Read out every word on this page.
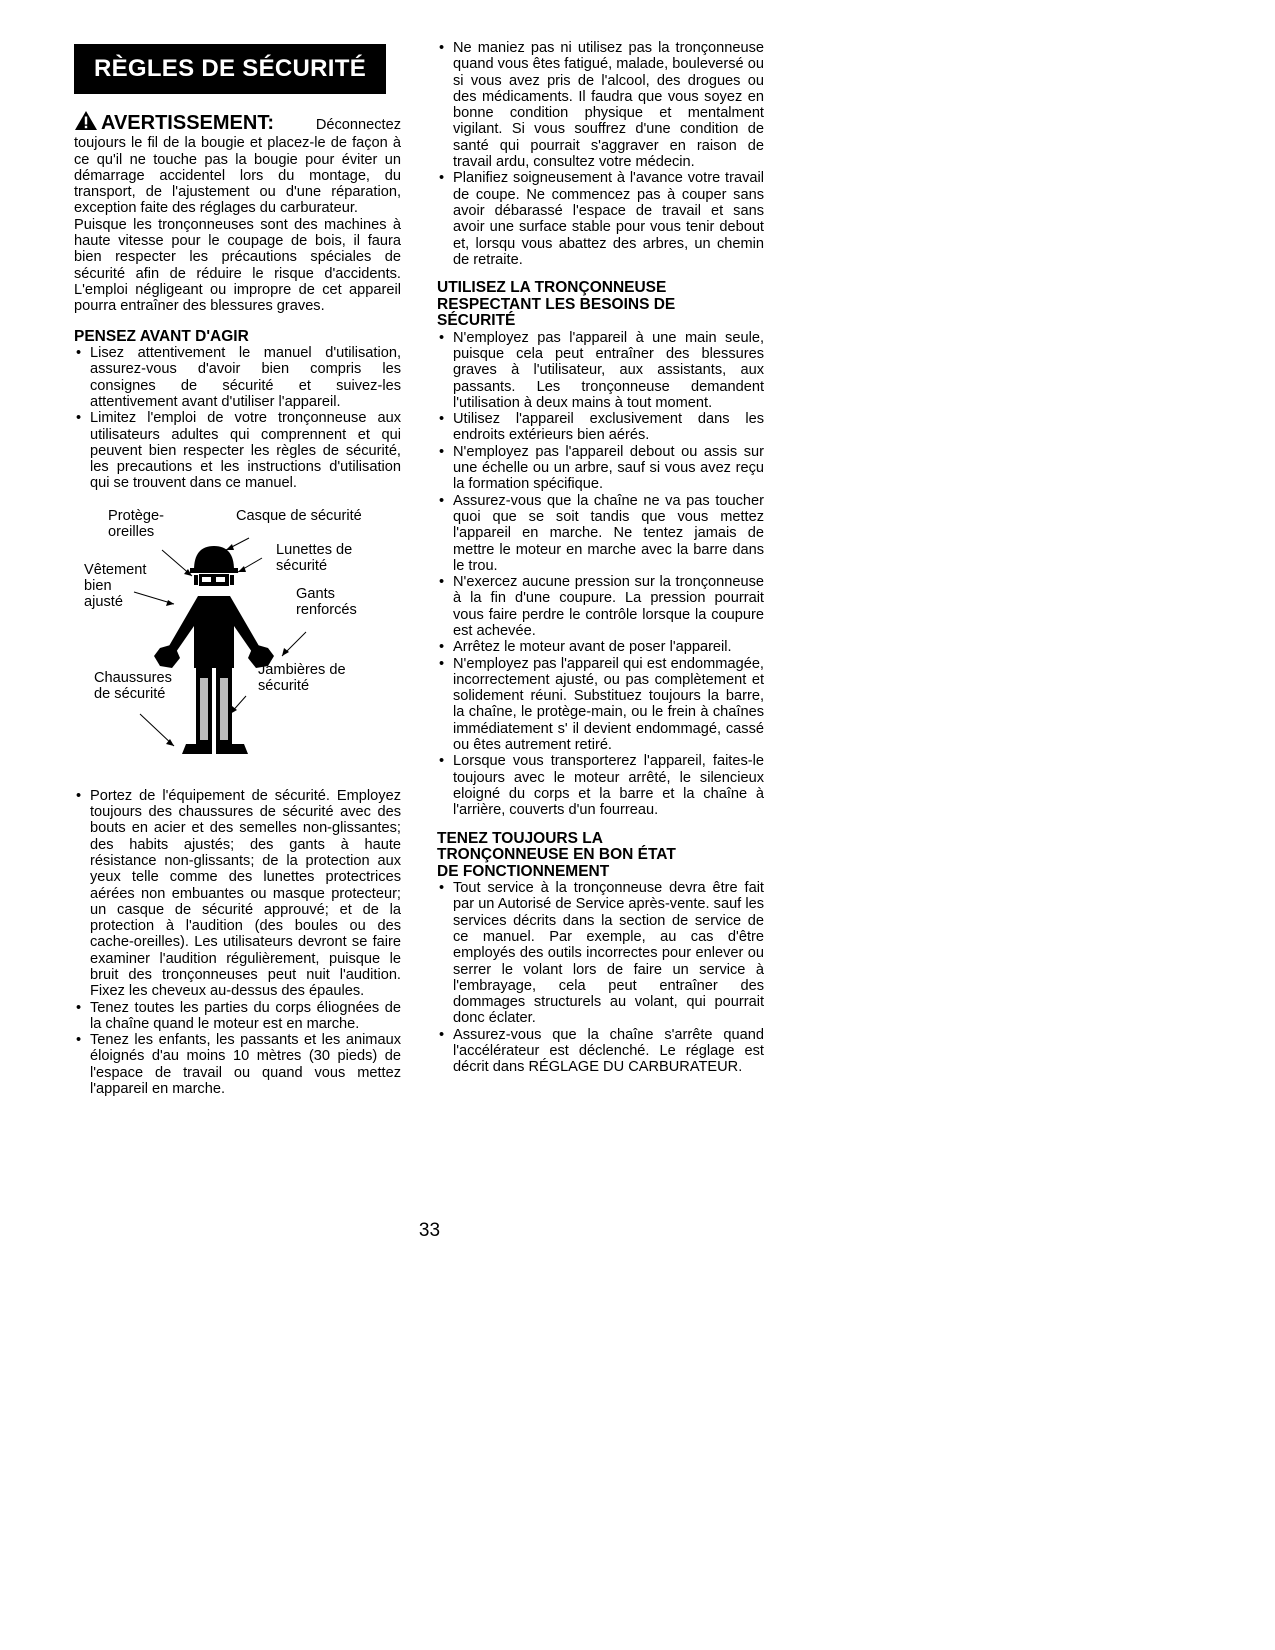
RÈGLES DE SÉCURITÉ
AVERTISSEMENT:	Déconnectez toujours le fil de la bougie et placez-le de façon à ce qu'il ne touche pas la bougie pour éviter un démarrage accidentel lors du montage, du transport, de l'ajustement ou d'une réparation, exception faite des réglages du carburateur.

Puisque les tronçonneuses sont des machines à haute vitesse pour le coupage de bois, il faura bien respecter les précautions spéciales de sécurité afin de réduire le risque d'accidents. L'emploi négligeant ou impropre de cet appareil pourra entraîner des blessures graves.

PENSEZ AVANT D'AGIR
• Lisez attentivement le manuel d'utilisation, assurez-vous d'avoir bien compris les consignes de sécurité et suivez-les attentivement avant d'utiliser l'appareil.
• Limitez l'emploi de votre tronçonneuse aux utilisateurs adultes qui comprennent et qui peuvent bien respecter les règles de sécurité, les precautions et les instructions d'utilisation qui se trouvent dans ce manuel.
Protège-
oreilles
Casque de sécurité
Lunettes de
sécurité
Vêtement
bien
ajusté
Gants
renforcés
Chaussures
de sécurité
Jambières de
sécurité
• Portez de l'équipement de sécurité. Employez toujours des chaussures de sécurité avec des bouts en acier et des semelles non-glissantes; des habits ajustés; des gants à haute résistance non-glissants; de la protection aux yeux telle comme des lunettes protectrices aérées non embuantes ou masque protecteur; un casque de sécurité approuvé; et de la protection à l'audition (des boules ou des cache-oreilles). Les utilisateurs devront se faire examiner l'audition régulièrement, puisque le bruit des tronçonneuses peut nuit l'audition. Fixez les cheveux au-dessus des épaules.
• Tenez toutes les parties du corps éliognées de la chaîne quand le moteur est en marche.
• Tenez les enfants, les passants et les animaux éloignés d'au moins 10 mètres (30 pieds) de l'espace de travail ou quand vous mettez l'appareil en marche.
• Ne maniez pas ni utilisez pas la tronçonneuse quand vous êtes fatigué, malade, bouleversé ou si vous avez pris de l'alcool, des drogues ou des médicaments. Il faudra que vous soyez en bonne condition physique et mentalment vigilant. Si vous souffrez d'une condition de santé qui pourrait s'aggraver en raison de travail ardu, consultez votre médecin.
• Planifiez soigneusement à l'avance votre travail de coupe. Ne commencez pas à couper sans avoir débarassé l'espace de travail et sans avoir une surface stable pour vous tenir debout et, lorsqu vous abattez des arbres, un chemin de retraite.
UTILISEZ LA TRONÇONNEUSE
RESPECTANT LES BESOINS DE
SÉCURITÉ
• N'employez pas l'appareil à une main seule, puisque cela peut entraîner des blessures graves à l'utilisateur, aux assistants, aux passants. Les tronçonneuse demandent l'utilisation à deux mains à tout moment.
• Utilisez l'appareil exclusivement dans les endroits extérieurs bien aérés.
• N'employez pas l'appareil debout ou assis sur une échelle ou un arbre, sauf si vous avez reçu la formation spécifique.
• Assurez-vous que la chaîne ne va pas toucher quoi que se soit tandis que vous mettez l'appareil en marche. Ne tentez jamais de mettre le moteur en marche avec la barre dans le trou.
• N'exercez aucune pression sur la tronçonneuse à la fin d'une coupure. La pression pourrait vous faire perdre le contrôle lorsque la coupure est achevée.
• Arrêtez le moteur avant de poser l'appareil.
• N'employez pas l'appareil qui est endommagée, incorrectement ajusté, ou pas complètement et solidement réuni. Substituez toujours la barre, la chaîne, le protège-main, ou le frein à chaînes immédiatement s' il devient endommagé, cassé ou êtes autrement retiré.
• Lorsque vous transporterez l'appareil, faites-le toujours avec le moteur arrêté, le silencieux eloigné du corps et la barre et la chaîne à l'arrière, couverts d'un fourreau.
TENEZ TOUJOURS LA
TRONÇONNEUSE EN BON ÉTAT
DE FONCTIONNEMENT
• Tout service à la tronçonneuse devra être fait par un Autorisé de Service après-vente. sauf les services décrits dans la section de service de ce manuel. Par exemple, au cas d'être employés des outils incorrectes pour enlever ou serrer le volant lors de faire un service à l'embrayage, cela peut entraîner des dommages structurels au volant, qui pourrait donc éclater.
• Assurez-vous que la chaîne s'arrête quand l'accélérateur est déclenché. Le réglage est décrit dans RÉGLAGE DU CARBURATEUR.
33
